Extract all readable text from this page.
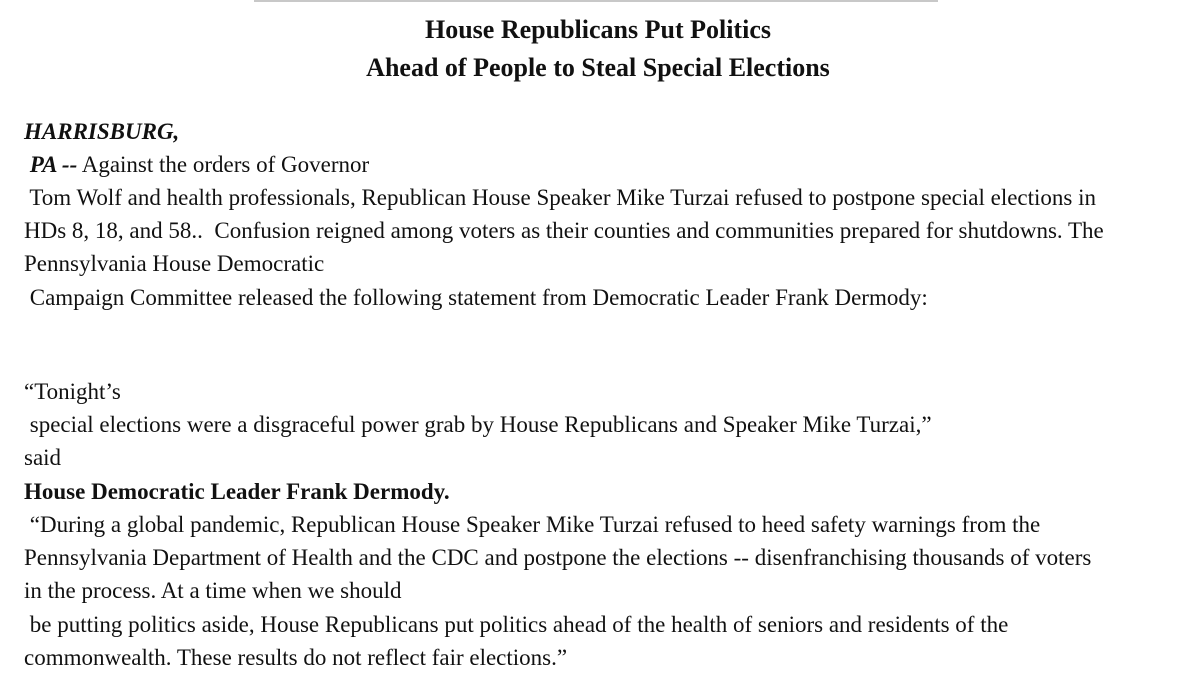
House Republicans Put Politics
Ahead of People to Steal Special Elections
HARRISBURG,
PA -- Against the orders of Governor
Tom Wolf and health professionals, Republican House Speaker Mike Turzai refused to postpone special elections in
HDs 8, 18, and 58..  Confusion reigned among voters as their counties and communities prepared for shutdowns. The
Pennsylvania House Democratic
Campaign Committee released the following statement from Democratic Leader Frank Dermody:
“Tonight’s
special elections were a disgraceful power grab by House Republicans and Speaker Mike Turzai,”
said
House Democratic Leader Frank Dermody.
“During a global pandemic, Republican House Speaker Mike Turzai refused to heed safety warnings from the
Pennsylvania Department of Health and the CDC and postpone the elections -- disenfranchising thousands of voters
in the process. At a time when we should
be putting politics aside, House Republicans put politics ahead of the health of seniors and residents of the
commonwealth. These results do not reflect fair elections.”
